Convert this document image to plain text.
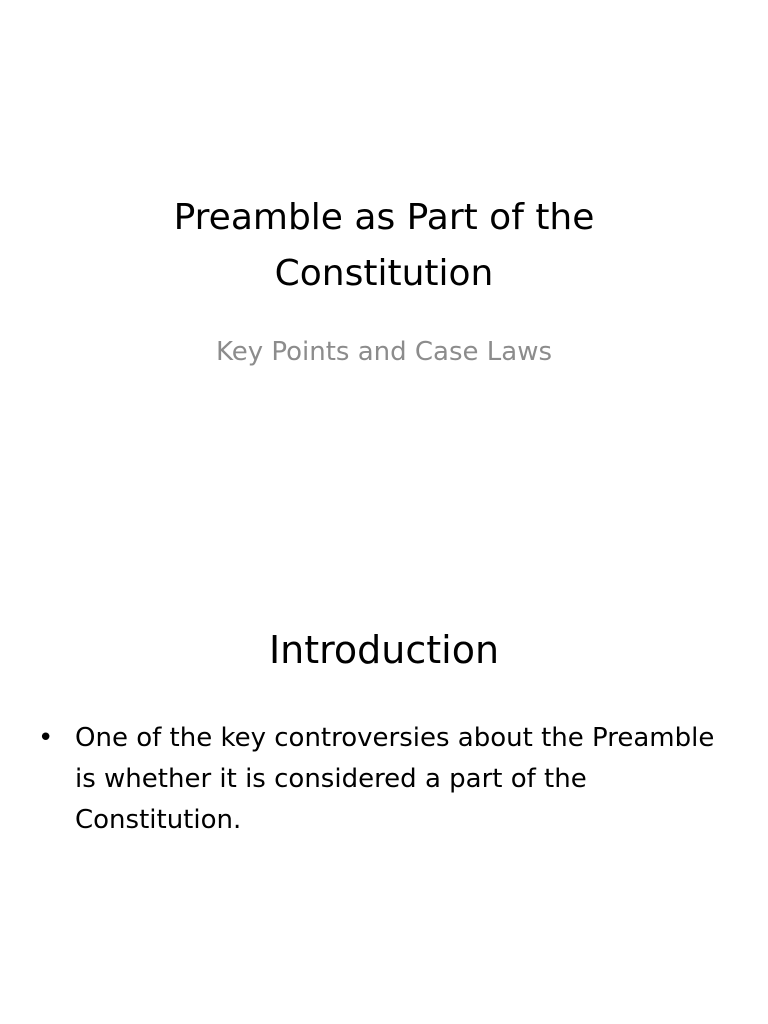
Preamble as Part of the Constitution

Key Points and Case Laws

Introduction
• One of the key controversies about the Preamble is whether it is considered a part of the Constitution.
